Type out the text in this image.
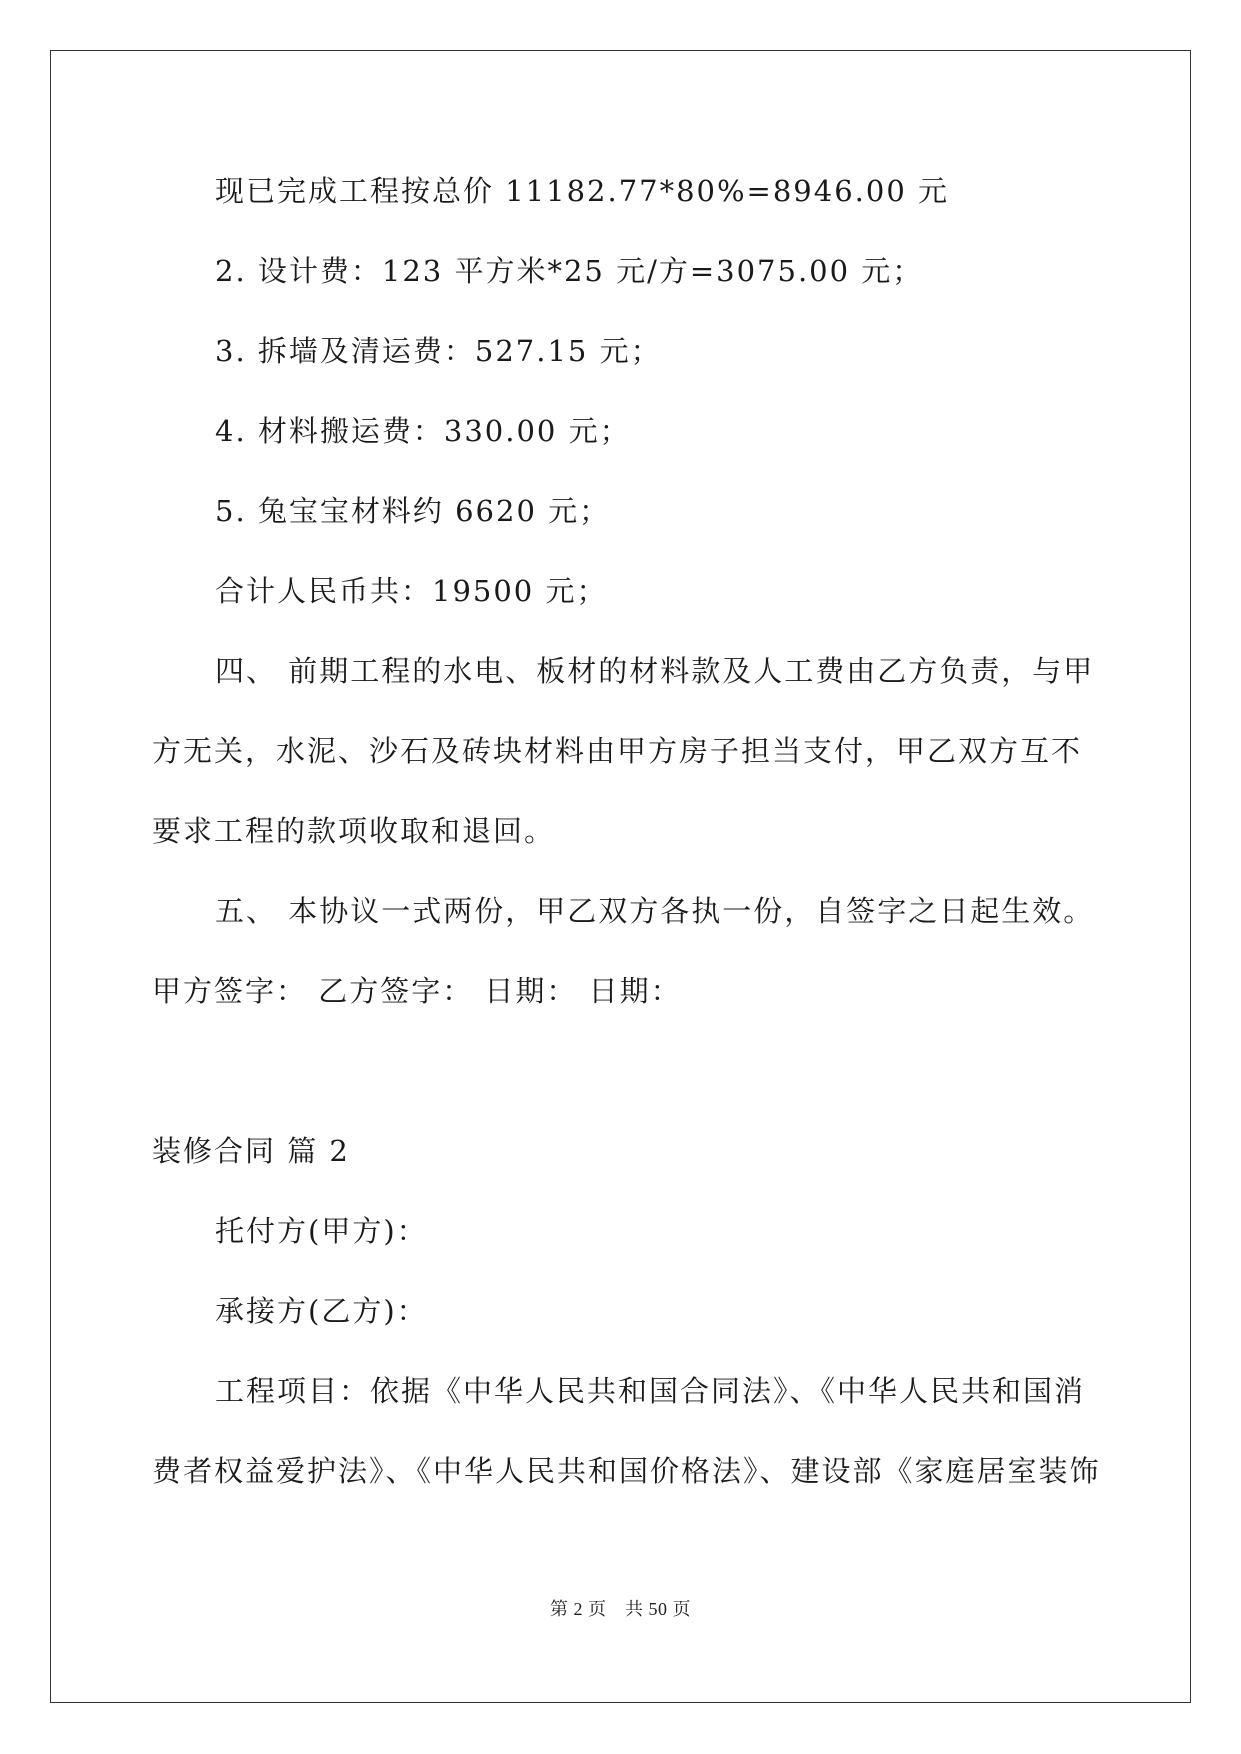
现已完成工程按总价 11182.77*80%=8946.00 元
2. 设计费：123 平方米*25 元/方=3075.00 元；
3. 拆墙及清运费：527.15 元；
4. 材料搬运费：330.00 元；
5. 兔宝宝材料约 6620 元；
合计人民币共：19500 元；
四、 前期工程的水电、板材的材料款及人工费由乙方负责，与甲
方无关，水泥、沙石及砖块材料由甲方房子担当支付，甲乙双方互不
要求工程的款项收取和退回。
五、 本协议一式两份，甲乙双方各执一份，自签字之日起生效。
甲方签字： 乙方签字： 日期： 日期：
装修合同 篇 2
托付方(甲方)：
承接方(乙方)：
工程项目：依据《中华人民共和国合同法》、《中华人民共和国消
费者权益爱护法》、《中华人民共和国价格法》、建设部《家庭居室装饰
第 2 页　共 50 页
